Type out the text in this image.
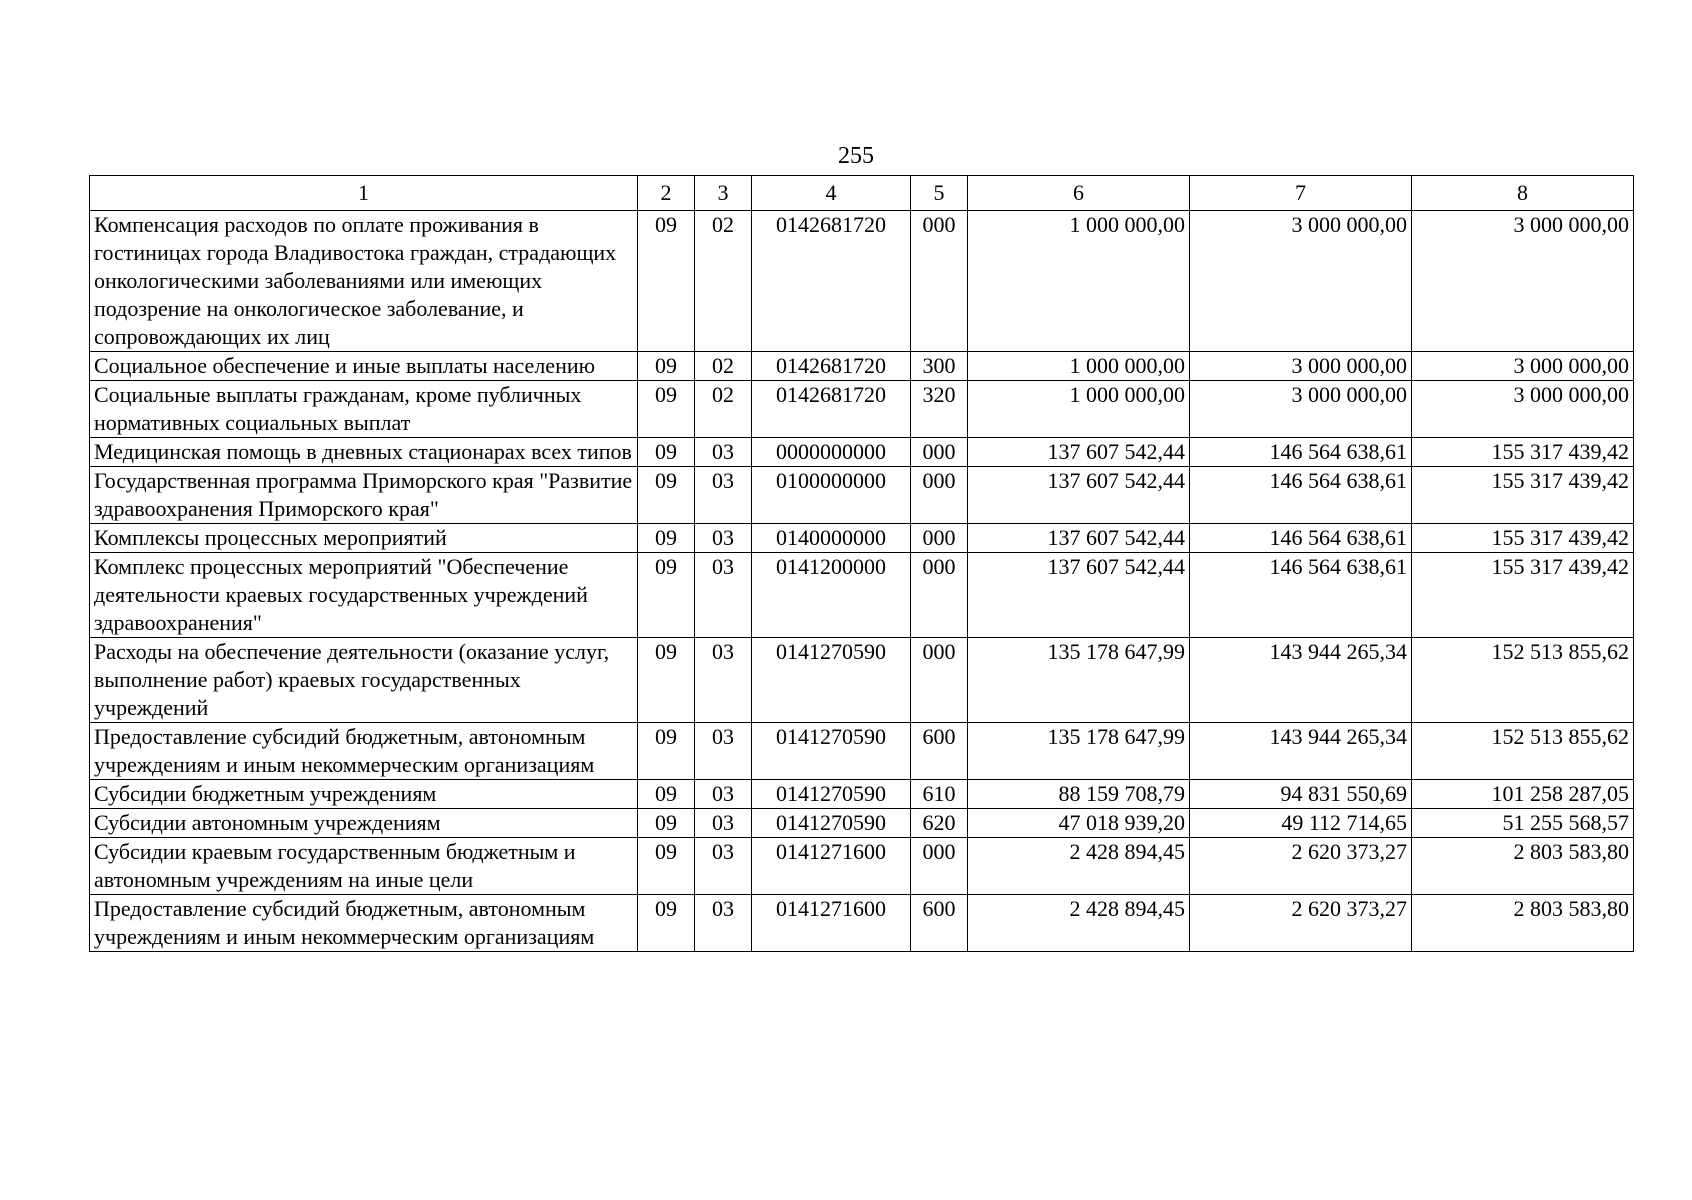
255
1	2	3	4	5	6	7	8
Компенсация расходов по оплате проживания в гостиницах города Владивостока граждан, страдающих онкологическими заболеваниями или имеющих подозрение на онкологическое заболевание, и сопровождающих их лиц	09	02	0142681720	000	1 000 000,00	3 000 000,00	3 000 000,00
Социальное обеспечение и иные выплаты населению	09	02	0142681720	300	1 000 000,00	3 000 000,00	3 000 000,00
Социальные выплаты гражданам, кроме публичных нормативных социальных выплат	09	02	0142681720	320	1 000 000,00	3 000 000,00	3 000 000,00
Медицинская помощь в дневных стационарах всех типов	09	03	0000000000	000	137 607 542,44	146 564 638,61	155 317 439,42
Государственная программа Приморского края "Развитие здравоохранения Приморского края"	09	03	0100000000	000	137 607 542,44	146 564 638,61	155 317 439,42
Комплексы процессных мероприятий	09	03	0140000000	000	137 607 542,44	146 564 638,61	155 317 439,42
Комплекс процессных мероприятий "Обеспечение деятельности краевых государственных учреждений здравоохранения"	09	03	0141200000	000	137 607 542,44	146 564 638,61	155 317 439,42
Расходы на обеспечение деятельности (оказание услуг, выполнение работ) краевых государственных учреждений	09	03	0141270590	000	135 178 647,99	143 944 265,34	152 513 855,62
Предоставление субсидий бюджетным, автономным учреждениям и иным некоммерческим организациям	09	03	0141270590	600	135 178 647,99	143 944 265,34	152 513 855,62
Субсидии бюджетным учреждениям	09	03	0141270590	610	88 159 708,79	94 831 550,69	101 258 287,05
Субсидии автономным учреждениям	09	03	0141270590	620	47 018 939,20	49 112 714,65	51 255 568,57
Субсидии краевым государственным бюджетным и автономным учреждениям на иные цели	09	03	0141271600	000	2 428 894,45	2 620 373,27	2 803 583,80
Предоставление субсидий бюджетным, автономным учреждениям и иным некоммерческим организациям	09	03	0141271600	600	2 428 894,45	2 620 373,27	2 803 583,80
